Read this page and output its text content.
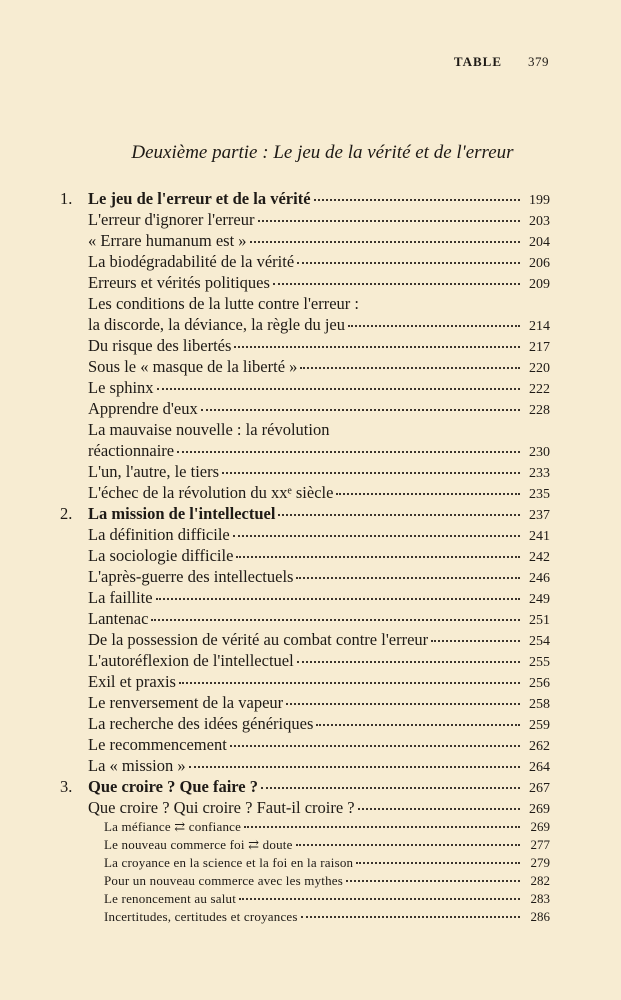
TABLE 379
Deuxième partie : Le jeu de la vérité et de l'erreur
1. Le jeu de l'erreur et de la vérité	199
L'erreur d'ignorer l'erreur	203
« Errare humanum est »	204
La biodégradabilité de la vérité	206
Erreurs et vérités politiques	209
Les conditions de la lutte contre l'erreur :
la discorde, la déviance, la règle du jeu	214
Du risque des libertés	217
Sous le « masque de la liberté »	220
Le sphinx	222
Apprendre d'eux	228
La mauvaise nouvelle : la révolution
réactionnaire	230
L'un, l'autre, le tiers	233
L'échec de la révolution du xxᵉ siècle	235
2. La mission de l'intellectuel	237
La définition difficile	241
La sociologie difficile	242
L'après-guerre des intellectuels	246
La faillite	249
Lantenac	251
De la possession de vérité au combat contre l'erreur	254
L'autoréflexion de l'intellectuel	255
Exil et praxis	256
Le renversement de la vapeur	258
La recherche des idées génériques	259
Le recommencement	262
La « mission »	264
3. Que croire ? Que faire ?	267
Que croire ? Qui croire ? Faut-il croire ?	269
La méfiance ⇄ confiance	269
Le nouveau commerce foi ⇄ doute	277
La croyance en la science et la foi en la raison	279
Pour un nouveau commerce avec les mythes	282
Le renoncement au salut	283
Incertitudes, certitudes et croyances	286
